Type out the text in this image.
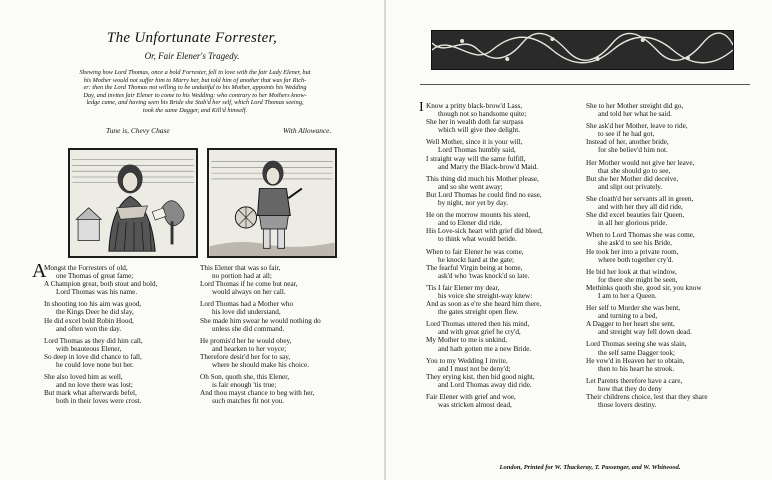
The Unfortunate Forrester,
Or, Fair Elener's Tragedy.
Shewing how Lord Thomas, once a bold Forrester, fell in love with the fair Lady Elener, but
his Mother would not suffer him to Marry her, but told him of another that was far Rich-
er: then the Lord Thomas not willing to be undutiful to his Mother, appoints his Wedding
Day, and invites fair Elener to come to his Wedding: who contrary to her Mothers know-
ledge came, and having seen his Bride she Stab'd her self, which Lord Thomas seeing,
took the same Dagger, and Kill'd himself.
Tune is, Chevy Chase	With Allowance.
A
Mongst the Forresters of old,
one Thomas of great fame;
A Champion great, both stout and bold,
Lord Thomas was his name.

In shooting too his aim was good,
the Kings Deer he did slay,
He did excel bold Robin Hood,
and often won the day.

Lord Thomas as they did him call,
with beauteous Elener,
So deep in love did chance to fall,
he could love none but her.

She also loved him as well,
and no love there was lost;
But mark what afterwards befel,
both in their loves were crost.
This Elener that was so fair,
no portion had at all;
Lord Thomas if he come but near,
would always on her call.

Lord Thomas had a Mother who
his love did understand,
She made him swear he would nothing do
unless she did command.

He promis'd her he would obey,
and hearken to her voyce;
Therefore desir'd her for to say,
where he should make his choice.

Oh Son, quoth she, this Elener,
is fair enough 'tis true;
And thou mayst chance to beg with her,
such matches fit not you.
I Know a pritty black-brow'd Lass,
though not so handsome quite;
She her in wealth doth far surpass
which will give thee delight.

Well Mother, since it is your will,
Lord Thomas humbly said,
I straight way will the same fulfill,
and Marry the Black-brow'd Maid.

This thing did much his Mother please,
and so she went away;
But Lord Thomas he could find no ease,
by night, nor yet by day.

He on the morrow mounts his steed,
and to Elener did ride,
His Love-sick heart with grief did bleed,
to think what would betide.

When to fair Elener he was come,
he knockt hard at the gate;
The fearful Virgin being at home,
ask'd who 'twas knock'd so late.

'Tis I fair Elener my dear,
his voice she streight-way knew:
And as soon as e're she heard him there,
the gates streight open flew.

Lord Thomas uttered then his mind,
and with great grief he cry'd,
My Mother to me is unkind,
and hath gotten me a new Bride.

You to my Wedding I invite,
and I must not be deny'd;
They erying kist, then bid good night,
and Lord Thomas away did ride.

Fair Elener with grief and woe,
was stricken almost dead,
She to her Mother streight did go,
and told her what he said.

She ask'd her Mother, leave to ride,
to see if he had got,
Instead of her, another bride,
for she believ'd him not.

Her Mother would not give her leave,
that she should go to see,
But she her Mother did deceive,
and slipt out privately.

She cloath'd her servants all in green,
and with her they all did ride,
She did excel beauties fair Queen,
in all her glorious pride.

When to Lord Thomas she was come,
she ask'd to see his Bride,
He took her into a private room,
where both together cry'd.

He bid her look at that window,
for there she might be seen,
Methinks quoth she, good sir, you know
I am to her a Queen.

Her self to Murder she was bent,
and turning to a bed,
A Dagger to her heart she sent,
and streight way fell down dead.

Lord Thomas seeing she was slain,
the self same Dagger took;
He vow'd in Heaven her to obtain,
then to his heart he strook.

Let Parents therefore have a care,
how that they do deny
Their childrens choice, lest that they share
those lovers destiny.
London, Printed for W. Thackeray, T. Passenger, and W. Whitwood.
